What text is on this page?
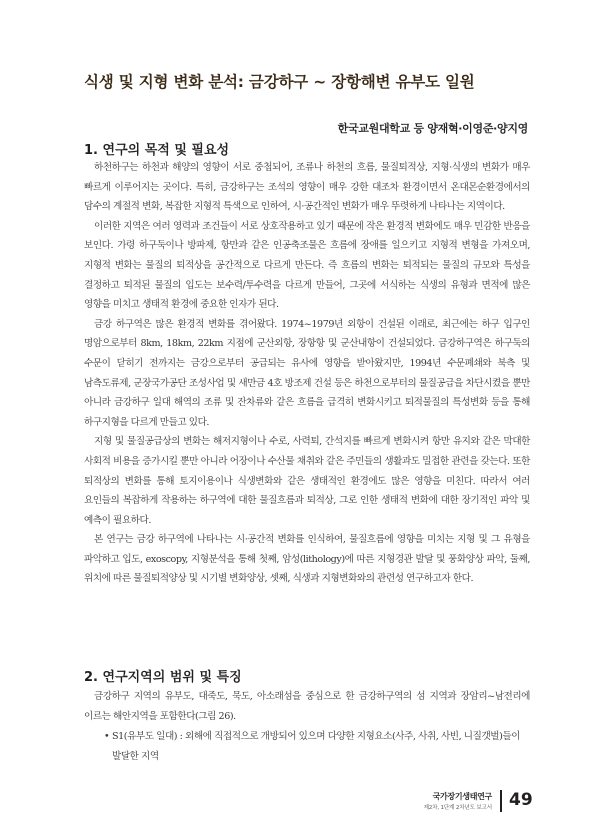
식생 및 지형 변화 분석: 금강하구 ~ 장항해변 유부도 일원
한국교원대학교 등 양재혁·이영준·양지영
1. 연구의 목적 및 필요성

하천하구는 하천과 해양의 영향이 서로 중첩되어, 조류나 하천의 흐름, 물질퇴적상, 지형·식생의 변화가 매우 빠르게 이루어지는 곳이다. 특히, 금강하구는 조석의 영향이 매우 강한 대조차 환경이면서 온대몬순환경에서의 담수의 계절적 변화, 복잡한 지형적 특색으로 인하여, 시·공간적인 변화가 매우 뚜렷하게 나타나는 지역이다.

이러한 지역은 여러 영력과 조건들이 서로 상호작용하고 있기 때문에 작은 환경적 변화에도 매우 민감한 반응을 보인다. 가령 하구둑이나 방파제, 항만과 같은 인공축조물은 흐름에 장애를 일으키고 지형적 변형을 가져오며, 지형적 변화는 물질의 퇴적상을 공간적으로 다르게 만든다. 즉 흐름의 변화는 퇴적되는 물질의 규모와 특성을 결정하고 퇴적된 물질의 입도는 보수력/투수력을 다르게 만들어, 그곳에 서식하는 식생의 유형과 면적에 많은 영향을 미치고 생태적 환경에 중요한 인자가 된다.

금강 하구역은 많은 환경적 변화를 겪어왔다. 1974~1979년 외항이 건설된 이래로, 최근에는 하구 입구인 명암으로부터 8km, 18km, 22km 지점에 군산외항, 장항항 및 군산내항이 건설되었다. 금강하구역은 하구둑의 수문이 닫히기 전까지는 금강으로부터 공급되는 유사에 영향을 받아왔지만, 1994년 수문폐쇄와 북측 및 남측도류제, 군장국가공단 조성사업 및 새만금 4호 방조제 건설 등은 하천으로부터의 물질공급을 차단시켰을 뿐만 아니라 금강하구 일대 해역의 조류 및 잔차류와 같은 흐름을 급격히 변화시키고 퇴적물질의 특성변화 등을 통해 하구지형을 다르게 만들고 있다.

지형 및 물질공급상의 변화는 해저지형이나 수로, 사력퇴, 간석지를 빠르게 변화시켜 항만 유지와 같은 막대한 사회적 비용을 증가시킬 뿐만 아니라 어장이나 수산물 채취와 같은 주민들의 생활과도 밀접한 관련을 갖는다. 또한 퇴적상의 변화를 통해 토지이용이나 식생변화와 같은 생태적인 환경에도 많은 영향을 미친다. 따라서 여러 요인들의 복잡하게 작용하는 하구역에 대한 물질흐름과 퇴적상, 그로 인한 생태적 변화에 대한 장기적인 파악 및 예측이 필요하다.

본 연구는 금강 하구역에 나타나는 시·공간적 변화를 인식하여, 물질흐름에 영향을 미치는 지형 및 그 유형을 파악하고 입도, exoscopy, 지형분석을 통해 첫째, 암성(lithology)에 따른 지형경관 발달 및 풍화양상 파악, 둘째, 위치에 따른 물질퇴적양상 및 시기별 변화양상, 셋째, 식생과 지형변화와의 관련성 연구하고자 한다.

2. 연구지역의 범위 및 특징

금강하구 지역의 유부도, 대죽도, 묵도, 아소래섬을 중심으로 한 금강하구역의 섬 지역과 장암리~남전리에 이르는 해안지역을 포함한다(그림 26).

• S1(유부도 일대) : 외해에 직접적으로 개방되어 있으며 다양한 지형요소(사주, 사취, 사빈, 니질갯벌)들이 발달한 지역
국가장기생태연구
제2차, 1단계 2차년도 보고서 49
